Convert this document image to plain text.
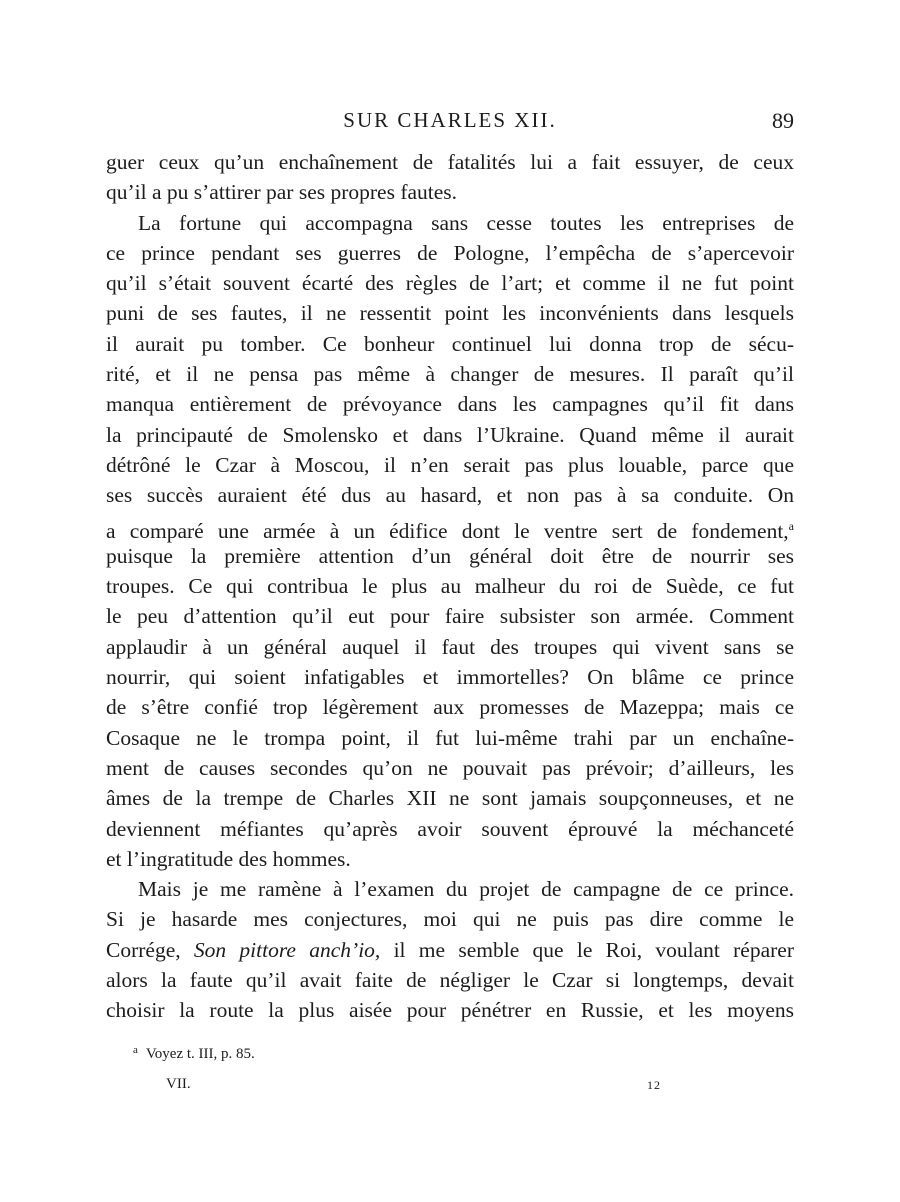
SUR CHARLES XII.	89
guer ceux qu’un enchaînement de fatalités lui a fait essuyer, de ceux
qu’il a pu s’attirer par ses propres fautes.
La fortune qui accompagna sans cesse toutes les entreprises de
ce prince pendant ses guerres de Pologne, l’empêcha de s’apercevoir
qu’il s’était souvent écarté des règles de l’art; et comme il ne fut point
puni de ses fautes, il ne ressentit point les inconvénients dans lesquels
il aurait pu tomber. Ce bonheur continuel lui donna trop de sécu-
rité, et il ne pensa pas même à changer de mesures. Il paraît qu’il
manqua entièrement de prévoyance dans les campagnes qu’il fit dans
la principauté de Smolensko et dans l’Ukraine. Quand même il aurait
détrôné le Czar à Moscou, il n’en serait pas plus louable, parce que
ses succès auraient été dus au hasard, et non pas à sa conduite. On
a comparé une armée à un édifice dont le ventre sert de fondement,$^a$
puisque la première attention d’un général doit être de nourrir ses
troupes. Ce qui contribua le plus au malheur du roi de Suède, ce fut
le peu d’attention qu’il eut pour faire subsister son armée. Comment
applaudir à un général auquel il faut des troupes qui vivent sans se
nourrir, qui soient infatigables et immortelles? On blâme ce prince
de s’être confié trop légèrement aux promesses de Mazeppa; mais ce
Cosaque ne le trompa point, il fut lui-même trahi par un enchaîne-
ment de causes secondes qu’on ne pouvait pas prévoir; d’ailleurs, les
âmes de la trempe de Charles XII ne sont jamais soupçonneuses, et ne
deviennent méfiantes qu’après avoir souvent éprouvé la méchanceté
et l’ingratitude des hommes.
Mais je me ramène à l’examen du projet de campagne de ce prince.
Si je hasarde mes conjectures, moi qui ne puis pas dire comme le
Corrége, Son pittore anch’io, il me semble que le Roi, voulant réparer
alors la faute qu’il avait faite de négliger le Czar si longtemps, devait
choisir la route la plus aisée pour pénétrer en Russie, et les moyens
$^a$ Voyez t. III, p. 85.
VII.	12
